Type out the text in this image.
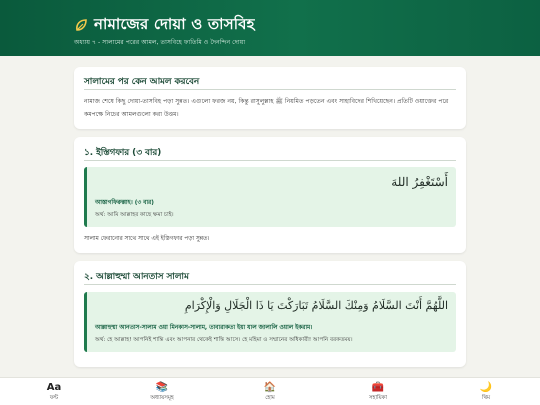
নামাজের দোয়া ও তাসবিহ
অধ্যায় ৭ - সালামের পরের আমল, তাসবিহে ফাতিমি ও দৈনন্দিন দোয়া
সালামের পর কেন আমল করবেন

নামাজ শেষে কিছু দোয়া-তাসবিহ পড়া সুন্নত। এগুলো ফরজ নয়, কিন্তু রাসুলুল্লাহ ﷺ নিয়মিত পড়তেন এবং সাহাবিদের শিখিয়েছেন। প্রতিটি ওয়াক্তের পরে কমপক্ষে নিচের আমলগুলো করা উত্তম।

১. ইস্তিগফার (৩ বার)
أَسْتَغْفِرُ اللهَ
আস্তাগফিরুল্লাহ। (৩ বার)
অর্থ: আমি আল্লাহর কাছে ক্ষমা চাই।
সালাম ফেরানোর সাথে সাথে এই ইস্তিগফার পড়া সুন্নত।
২. আল্লাহুম্মা আনতাস সালাম
اللَّهُمَّ أَنْتَ السَّلَامُ وَمِنْكَ السَّلَامُ تَبَارَكْتَ يَا ذَا الْجَلَالِ وَالْإِكْرَامِ
আল্লাহুম্মা আনতাস-সালাম ওয়া মিনকাস-সালাম, তাবারাকতা ইয়া যাল জালালি ওয়াল ইকরাম।
অর্থ: হে আল্লাহ! আপনিই শান্তি এবং আপনার থেকেই শান্তি আসে। হে মহিমা ও সম্মানের অধিকারী! আপনি বরকতময়।
Aa
ফন্ট
📚
অধ্যায়সমূহ
🏠
হোম
🧰
সহায়িকা
🌙
থিম
